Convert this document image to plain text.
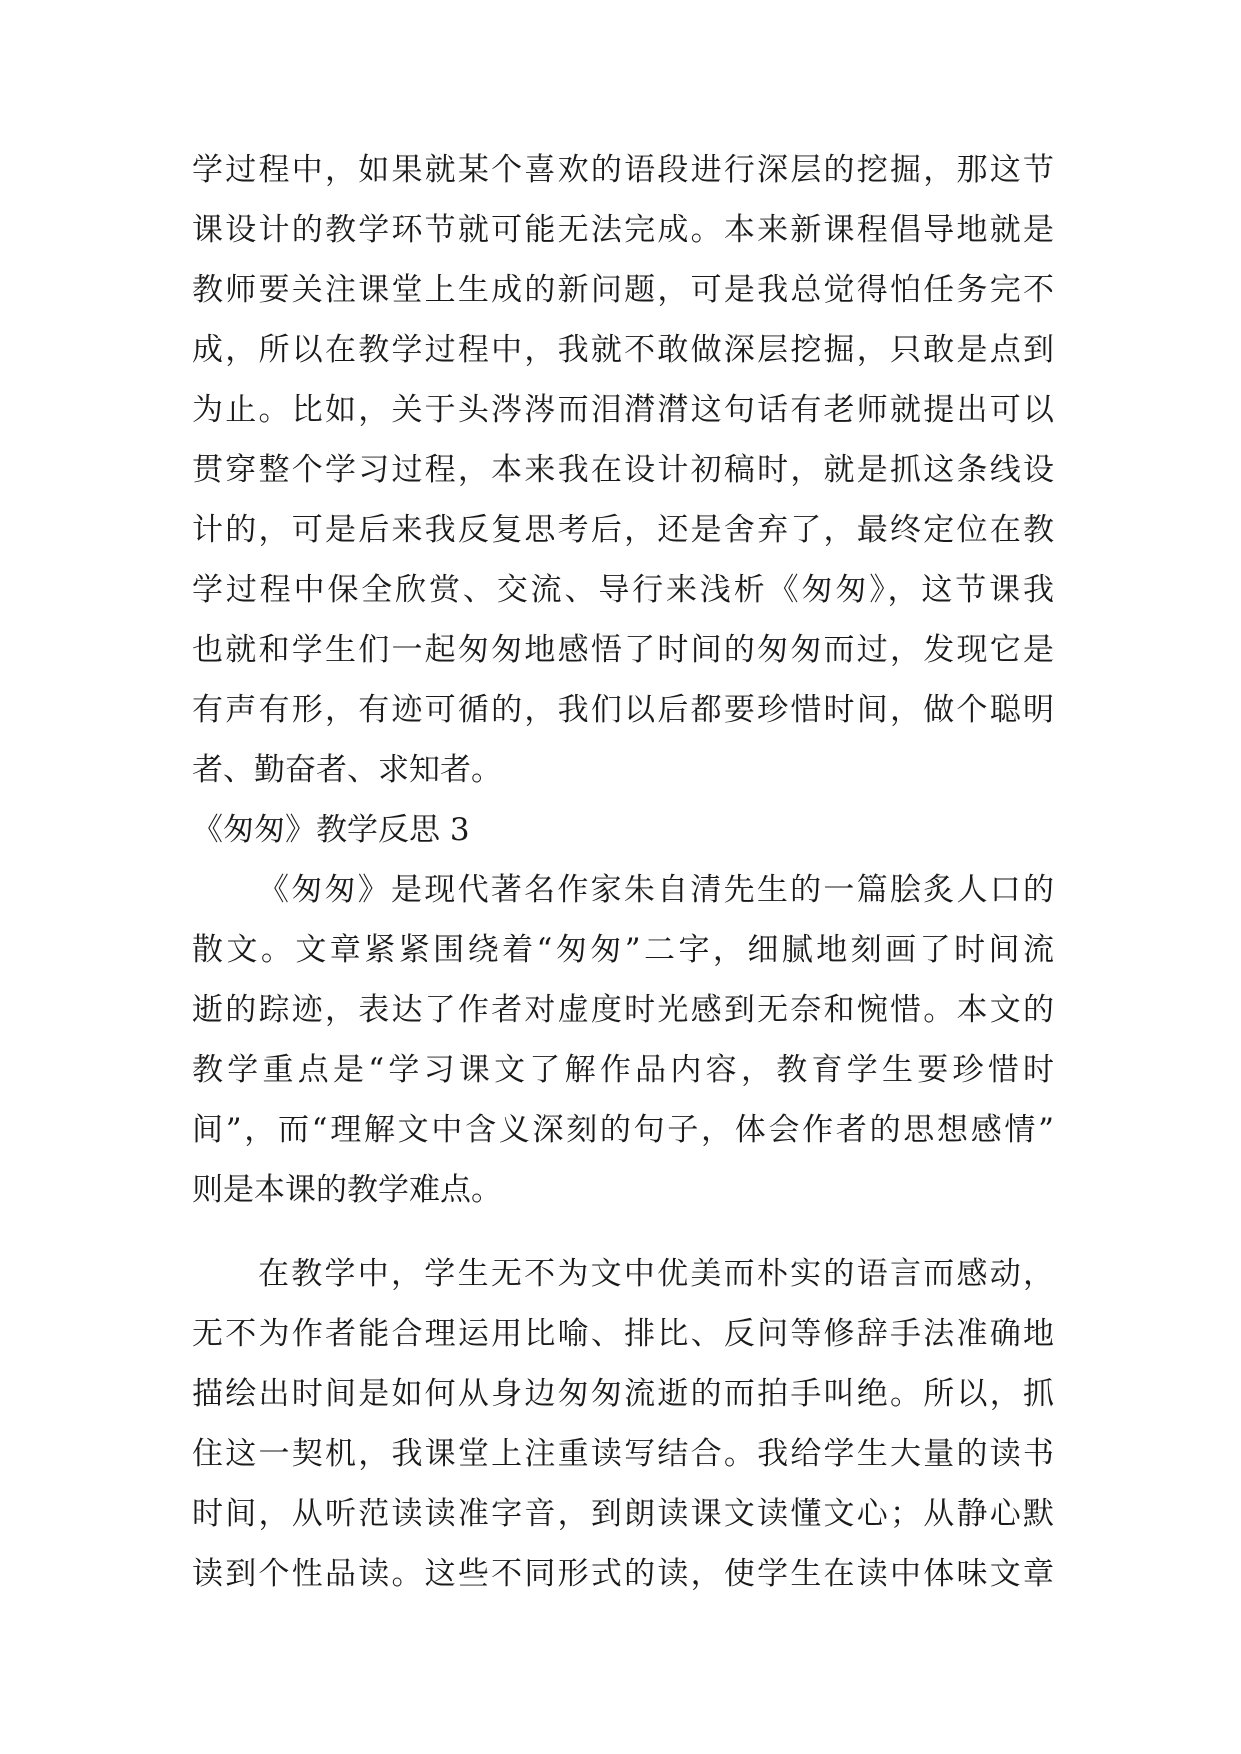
学过程中，如果就某个喜欢的语段进行深层的挖掘，那这节
课设计的教学环节就可能无法完成。本来新课程倡导地就是
教师要关注课堂上生成的新问题，可是我总觉得怕任务完不
成，所以在教学过程中，我就不敢做深层挖掘，只敢是点到
为止。比如，关于头涔涔而泪潸潸这句话有老师就提出可以
贯穿整个学习过程，本来我在设计初稿时，就是抓这条线设
计的，可是后来我反复思考后，还是舍弃了，最终定位在教
学过程中保全欣赏、交流、导行来浅析《匆匆》，这节课我
也就和学生们一起匆匆地感悟了时间的匆匆而过，发现它是
有声有形，有迹可循的，我们以后都要珍惜时间，做个聪明
者、勤奋者、求知者。
《匆匆》教学反思 3
《匆匆》是现代著名作家朱自清先生的一篇脍炙人口的
散文。文章紧紧围绕着“匆匆”二字，细腻地刻画了时间流
逝的踪迹，表达了作者对虚度时光感到无奈和惋惜。本文的
教学重点是“学习课文了解作品内容，教育学生要珍惜时
间”，而“理解文中含义深刻的句子，体会作者的思想感情”
则是本课的教学难点。
在教学中，学生无不为文中优美而朴实的语言而感动，
无不为作者能合理运用比喻、排比、反问等修辞手法准确地
描绘出时间是如何从身边匆匆流逝的而拍手叫绝。所以，抓
住这一契机，我课堂上注重读写结合。我给学生大量的读书
时间，从听范读读准字音，到朗读课文读懂文心；从静心默
读到个性品读。这些不同形式的读，使学生在读中体味文章
